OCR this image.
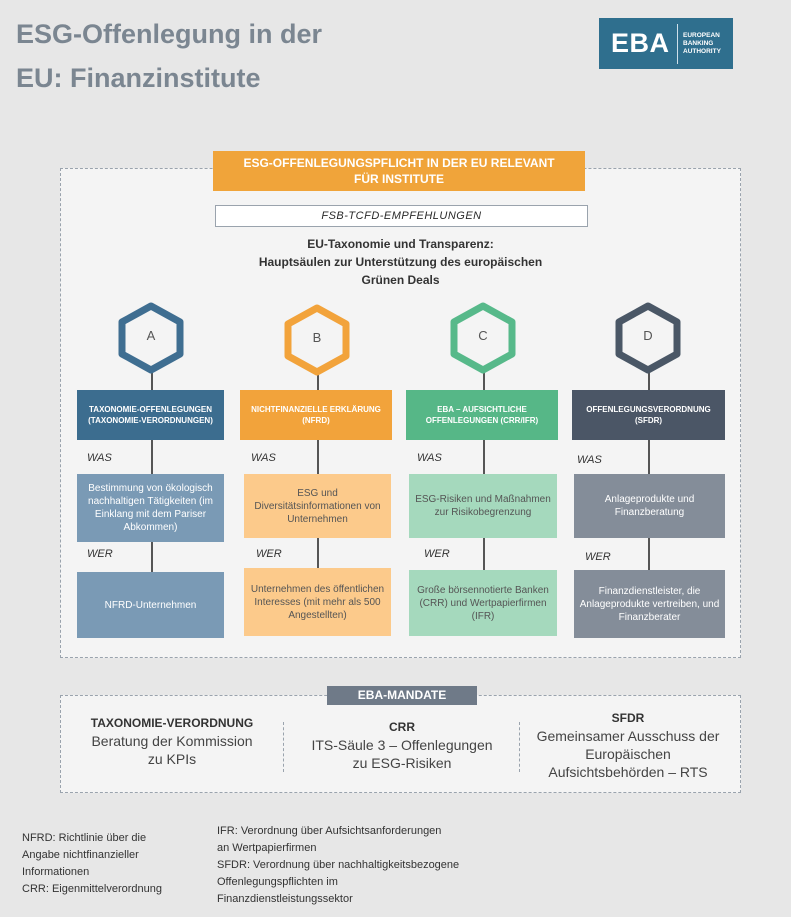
ESG-Offenlegung in der
EU: Finanzinstitute
EBA	EUROPEAN
BANKING
AUTHORITY
ESG-OFFENLEGUNGSPFLICHT IN DER EU RELEVANT
FÜR INSTITUTE
FSB-TCFD-EMPFEHLUNGEN
EU-Taxonomie und Transparenz:
Hauptsäulen zur Unterstützung des europäischen
Grünen Deals
A
TAXONOMIE-OFFENLEGUNGEN
(TAXONOMIE-VERORDNUNGEN)
WAS
Bestimmung von ökologisch nachhaltigen Tätigkeiten (im Einklang mit dem Pariser Abkommen)
WER
NFRD-Unternehmen
B
NICHTFINANZIELLE ERKLÄRUNG
(NFRD)
WAS
ESG und Diversitätsinformationen von Unternehmen
WER
Unternehmen des öffentlichen Interesses (mit mehr als 500 Angestellten)
C
EBA – AUFSICHTLICHE
OFFENLEGUNGEN (CRR/IFR)
WAS
ESG-Risiken und Maßnahmen zur Risikobegrenzung
WER
Große börsennotierte Banken (CRR) und Wertpapierfirmen (IFR)
D
OFFENLEGUNGSVERORDNUNG
(SFDR)
WAS
Anlageprodukte und Finanzberatung
WER
Finanzdienstleister, die Anlageprodukte vertreiben, und Finanzberater
EBA-MANDATE
TAXONOMIE-VERORDNUNG
Beratung der Kommission
zu KPIs
CRR
ITS-Säule 3 – Offenlegungen
zu ESG-Risiken
SFDR
Gemeinsamer Ausschuss der
Europäischen
Aufsichtsbehörden – RTS
NFRD: Richtlinie über die
Angabe nichtfinanzieller
Informationen
CRR: Eigenmittelverordnung
IFR: Verordnung über Aufsichtsanforderungen
an Wertpapierfirmen
SFDR: Verordnung über nachhaltigkeitsbezogene
Offenlegungspflichten im
Finanzdienstleistungssektor
